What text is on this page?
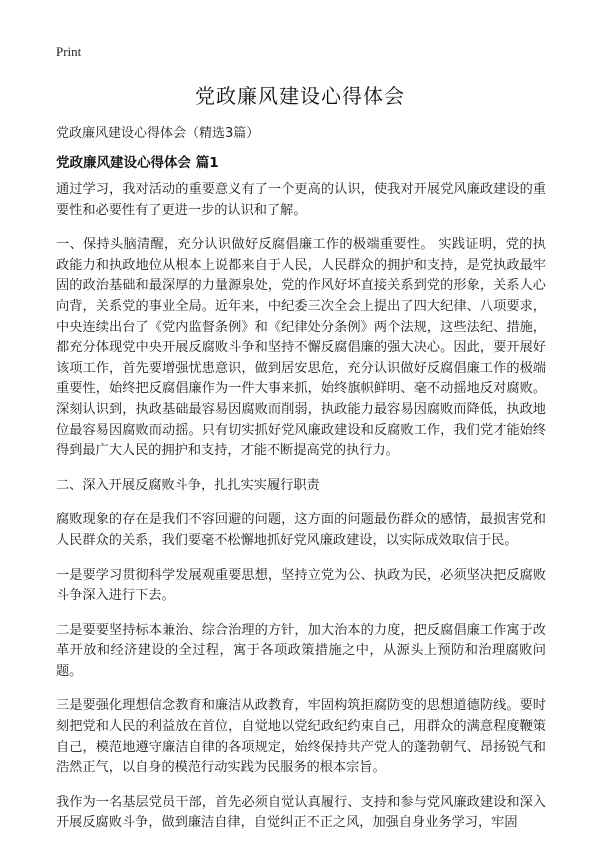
Print
党政廉风建设心得体会
党政廉风建设心得体会（精选3篇）
党政廉风建设心得体会 篇1

通过学习，我对活动的重要意义有了一个更高的认识，使我对开展党风廉政建设的重要性和必要性有了更进一步的认识和了解。

一、保持头脑清醒，充分认识做好反腐倡廉工作的极端重要性。 实践证明，党的执政能力和执政地位从根本上说都来自于人民，人民群众的拥护和支持，是党执政最牢固的政治基础和最深厚的力量源泉处，党的作风好坏直接关系到党的形象，关系人心向背，关系党的事业全局。近年来，中纪委三次全会上提出了四大纪律、八项要求，中央连续出台了《党内监督条例》和《纪律处分条例》两个法规，这些法纪、措施，都充分体现党中央开展反腐败斗争和坚持不懈反腐倡廉的强大决心。因此，要开展好该项工作，首先要增强忧患意识，做到居安思危，充分认识做好反腐倡廉工作的极端重要性，始终把反腐倡廉作为一件大事来抓，始终旗帜鲜明、毫不动摇地反对腐败。深刻认识到，执政基础最容易因腐败而削弱，执政能力最容易因腐败而降低，执政地位最容易因腐败而动摇。只有切实抓好党风廉政建设和反腐败工作，我们党才能始终得到最广大人民的拥护和支持，才能不断提高党的执行力。

二、深入开展反腐败斗争，扎扎实实履行职责

腐败现象的存在是我们不容回避的问题，这方面的问题最伤群众的感情，最损害党和人民群众的关系，我们要毫不松懈地抓好党风廉政建设，以实际成效取信于民。

一是要学习贯彻科学发展观重要思想，坚持立党为公、执政为民，必须坚决把反腐败斗争深入进行下去。

二是要要坚持标本兼治、综合治理的方针，加大治本的力度，把反腐倡廉工作寓于改革开放和经济建设的全过程，寓于各项政策措施之中，从源头上预防和治理腐败问题。

三是要强化理想信念教育和廉洁从政教育，牢固构筑拒腐防变的思想道德防线。要时刻把党和人民的利益放在首位，自觉地以党纪政纪约束自己，用群众的满意程度鞭策自己，模范地遵守廉洁自律的各项规定，始终保持共产党人的蓬勃朝气、昂扬锐气和浩然正气，以自身的模范行动实践为民服务的根本宗旨。

我作为一名基层党员干部，首先必须自觉认真履行、支持和参与党风廉政建设和深入开展反腐败斗争，做到廉洁自律，自觉纠正不正之风，加强自身业务学习，牢固
